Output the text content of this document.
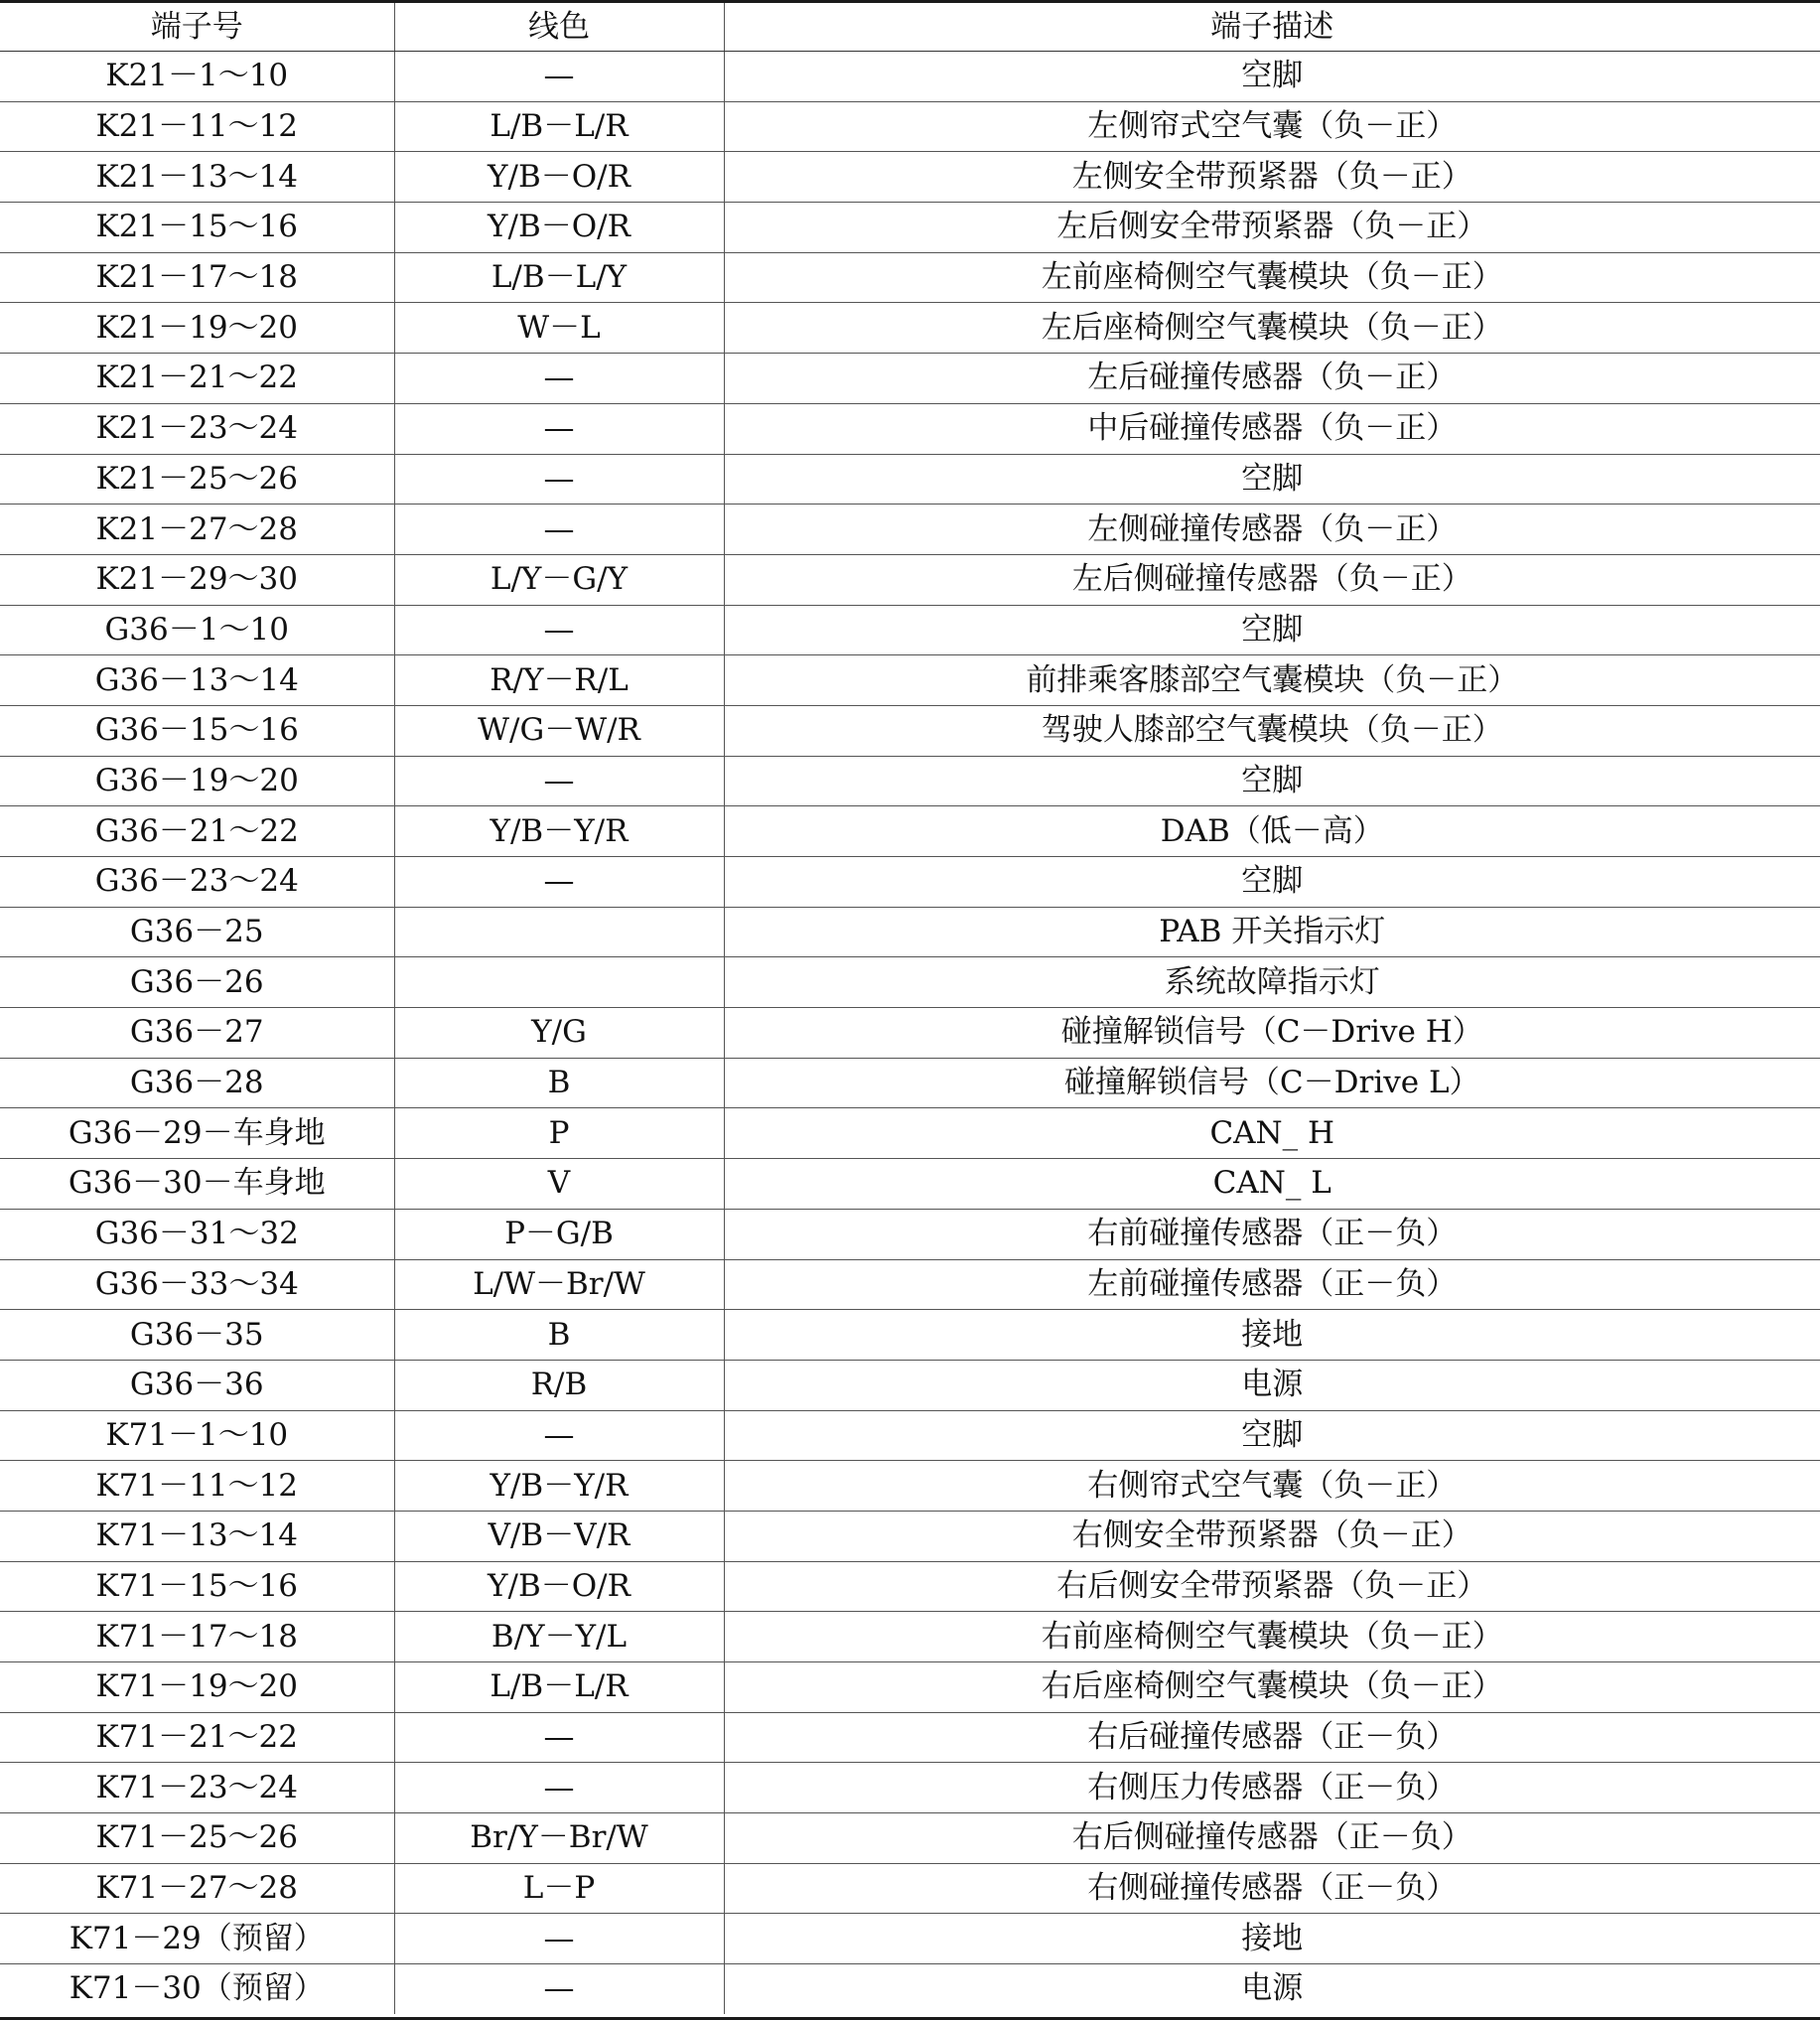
端子号	线色	端子描述
K21－1～10	—	空脚
K21－11～12	L/B－L/R	左侧帘式空气囊（负－正）
K21－13～14	Y/B－O/R	左侧安全带预紧器（负－正）
K21－15～16	Y/B－O/R	左后侧安全带预紧器（负－正）
K21－17～18	L/B－L/Y	左前座椅侧空气囊模块（负－正）
K21－19～20	W－L	左后座椅侧空气囊模块（负－正）
K21－21～22	—	左后碰撞传感器（负－正）
K21－23～24	—	中后碰撞传感器（负－正）
K21－25～26	—	空脚
K21－27～28	—	左侧碰撞传感器（负－正）
K21－29～30	L/Y－G/Y	左后侧碰撞传感器（负－正）
G36－1～10	—	空脚
G36－13～14	R/Y－R/L	前排乘客膝部空气囊模块（负－正）
G36－15～16	W/G－W/R	驾驶人膝部空气囊模块（负－正）
G36－19～20	—	空脚
G36－21～22	Y/B－Y/R	DAB（低－高）
G36－23～24	—	空脚
G36－25		PAB 开关指示灯
G36－26		系统故障指示灯
G36－27	Y/G	碰撞解锁信号（C－Drive H）
G36－28	B	碰撞解锁信号（C－Drive L）
G36－29－车身地	P	CAN_ H
G36－30－车身地	V	CAN_ L
G36－31～32	P－G/B	右前碰撞传感器（正－负）
G36－33～34	L/W－Br/W	左前碰撞传感器（正－负）
G36－35	B	接地
G36－36	R/B	电源
K71－1～10	—	空脚
K71－11～12	Y/B－Y/R	右侧帘式空气囊（负－正）
K71－13～14	V/B－V/R	右侧安全带预紧器（负－正）
K71－15～16	Y/B－O/R	右后侧安全带预紧器（负－正）
K71－17～18	B/Y－Y/L	右前座椅侧空气囊模块（负－正）
K71－19～20	L/B－L/R	右后座椅侧空气囊模块（负－正）
K71－21～22	—	右后碰撞传感器（正－负）
K71－23～24	—	右侧压力传感器（正－负）
K71－25～26	Br/Y－Br/W	右后侧碰撞传感器（正－负）
K71－27～28	L－P	右侧碰撞传感器（正－负）
K71－29（预留）	—	接地
K71－30（预留）	—	电源
